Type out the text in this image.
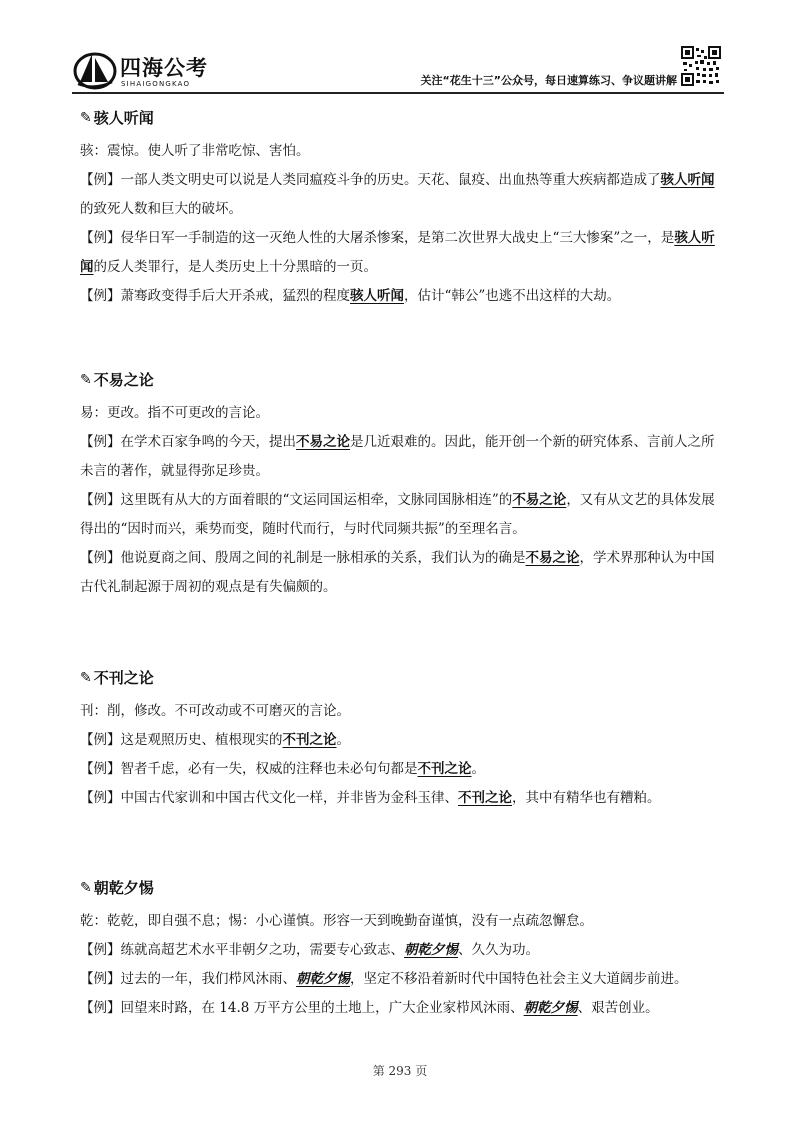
四海公考
SIHAIGONGKAO	关注“花生十三”公众号，每日速算练习、争议题讲解
✎ 骇人听闻
骇：震惊。使人听了非常吃惊、害怕。

【例】一部人类文明史可以说是人类同瘟疫斗争的历史。天花、鼠疫、出血热等重大疾病都造成了骇人听闻的致死人数和巨大的破坏。

【例】侵华日军一手制造的这一灭绝人性的大屠杀惨案，是第二次世界大战史上“三大惨案”之一，是骇人听闻的反人类罪行，是人类历史上十分黑暗的一页。

【例】萧骞政变得手后大开杀戒，猛烈的程度骇人听闻，估计“韩公”也逃不出这样的大劫。

✎ 不易之论
易：更改。指不可更改的言论。

【例】在学术百家争鸣的今天，提出不易之论是几近艰难的。因此，能开创一个新的研究体系、言前人之所未言的著作，就显得弥足珍贵。

【例】这里既有从大的方面着眼的“文运同国运相牵，文脉同国脉相连”的不易之论，又有从文艺的具体发展得出的“因时而兴，乘势而变，随时代而行，与时代同频共振”的至理名言。

【例】他说夏商之间、殷周之间的礼制是一脉相承的关系，我们认为的确是不易之论，学术界那种认为中国古代礼制起源于周初的观点是有失偏颇的。

✎ 不刊之论
刊：削，修改。不可改动或不可磨灭的言论。

【例】这是观照历史、植根现实的不刊之论。

【例】智者千虑，必有一失，权威的注释也未必句句都是不刊之论。

【例】中国古代家训和中国古代文化一样，并非皆为金科玉律、不刊之论，其中有精华也有糟粕。

✎ 朝乾夕惕
乾：乾乾，即自强不息；惕：小心谨慎。形容一天到晚勤奋谨慎，没有一点疏忽懈怠。

【例】练就高超艺术水平非朝夕之功，需要专心致志、朝乾夕惕、久久为功。

【例】过去的一年，我们栉风沐雨、朝乾夕惕，坚定不移沿着新时代中国特色社会主义大道阔步前进。

【例】回望来时路，在 14.8 万平方公里的土地上，广大企业家栉风沐雨、朝乾夕惕、艰苦创业。

第 293 页
